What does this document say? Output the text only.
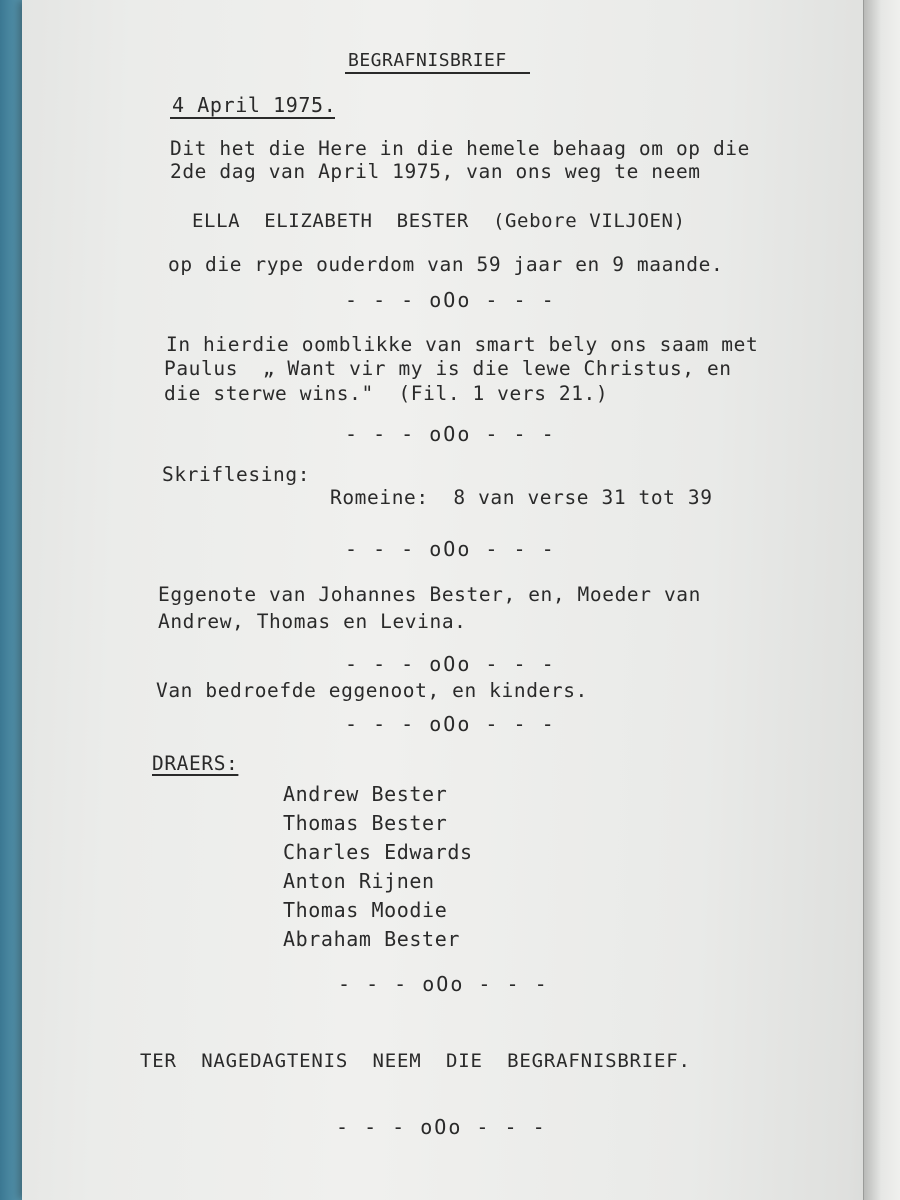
BEGRAFNISBRIEF
4 April 1975.
Dit het die Here in die hemele behaag om op die
2de dag van April 1975, van ons weg te neem
ELLA  ELIZABETH  BESTER  (Gebore VILJOEN)
op die rype ouderdom van 59 jaar en 9 maande.
- - - oOo - - -
In hierdie oomblikke van smart bely ons saam met
Paulus  „ Want vir my is die lewe Christus, en
die sterwe wins."  (Fil. 1 vers 21.)
- - - oOo - - -
Skriflesing:
Romeine:  8 van verse 31 tot 39
- - - oOo - - -
Eggenote van Johannes Bester, en, Moeder van
Andrew, Thomas en Levina.
- - - oOo - - -
Van bedroefde eggenoot, en kinders.
- - - oOo - - -
DRAERS:
Andrew Bester
Thomas Bester
Charles Edwards
Anton Rijnen
Thomas Moodie
Abraham Bester
- - - oOo - - -
TER  NAGEDAGTENIS  NEEM  DIE  BEGRAFNISBRIEF.
- - - oOo - - -
